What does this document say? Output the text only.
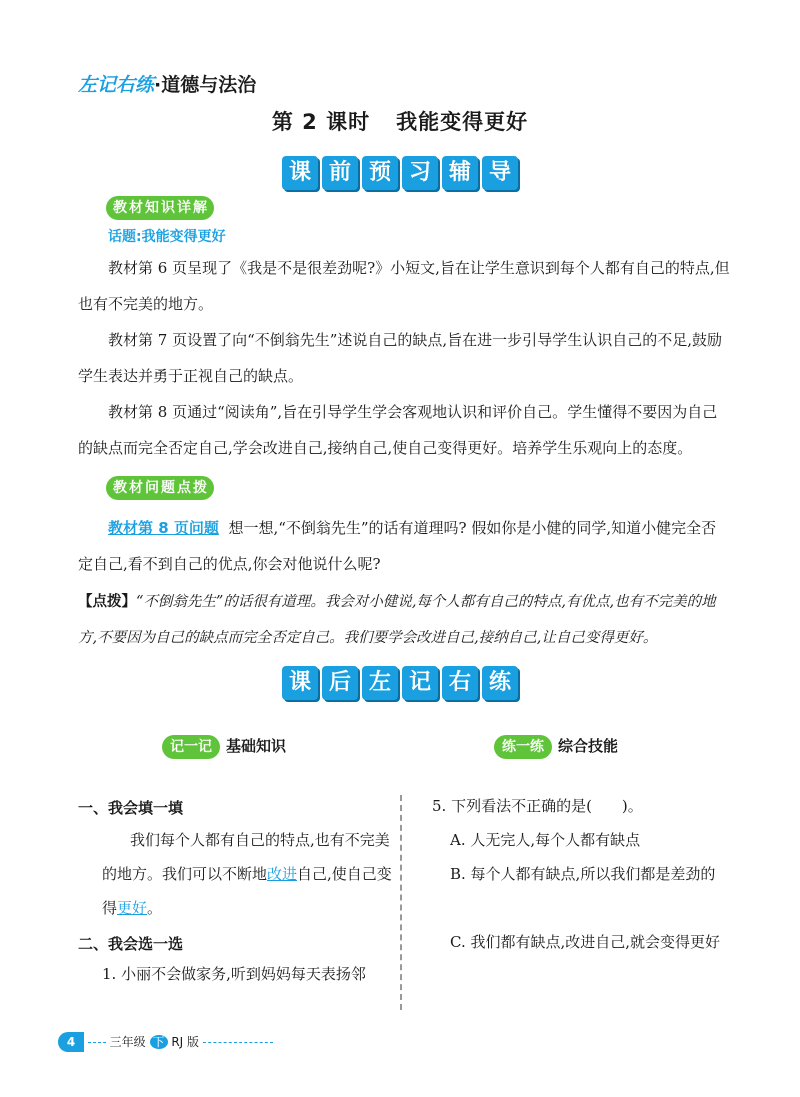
左记右练·道德与法治
第 2 课时 我能变得更好
课 前 预 习 辅 导
教 材 知 识 详 解
话题:我能变得更好
教材第 6 页呈现了《我是不是很差劲呢?》小短文,旨在让学生意识到每个人都有自己的特点,但也有不完美的地方。
教材第 7 页设置了向“不倒翁先生”述说自己的缺点,旨在进一步引导学生认识自己的不足,鼓励学生表达并勇于正视自己的缺点。
教材第 8 页通过“阅读角”,旨在引导学生学会客观地认识和评价自己。学生懂得不要因为自己的缺点而完全否定自己,学会改进自己,接纳自己,使自己变得更好。培养学生乐观向上的态度。
教 材 问 题 点 拨
教材第 8 页问题 想一想,“不倒翁先生”的话有道理吗? 假如你是小健的同学,知道小健完全否定自己,看不到自己的优点,你会对他说什么呢?
【点拨】“不倒翁先生”的话很有道理。我会对小健说,每个人都有自己的特点,有优点,也有不完美的地方,不要因为自己的缺点而完全否定自己。我们要学会改进自己,接纳自己,让自己变得更好。
课 后 左 记 右 练
记一记 基础知识	练一练 综合技能
一、我会填一填
我们每个人都有自己的特点,也有不完美的地方。我们可以不断地改进自己,使自己变得更好。
二、我会选一选
1. 小丽不会做家务,听到妈妈每天表扬邻
5. 下列看法不正确的是(　　)。
A. 人无完人,每个人都有缺点
B. 每个人都有缺点,所以我们都是差劲的
C. 我们都有缺点,改进自己,就会变得更好
4	三年级 下 RJ 版
